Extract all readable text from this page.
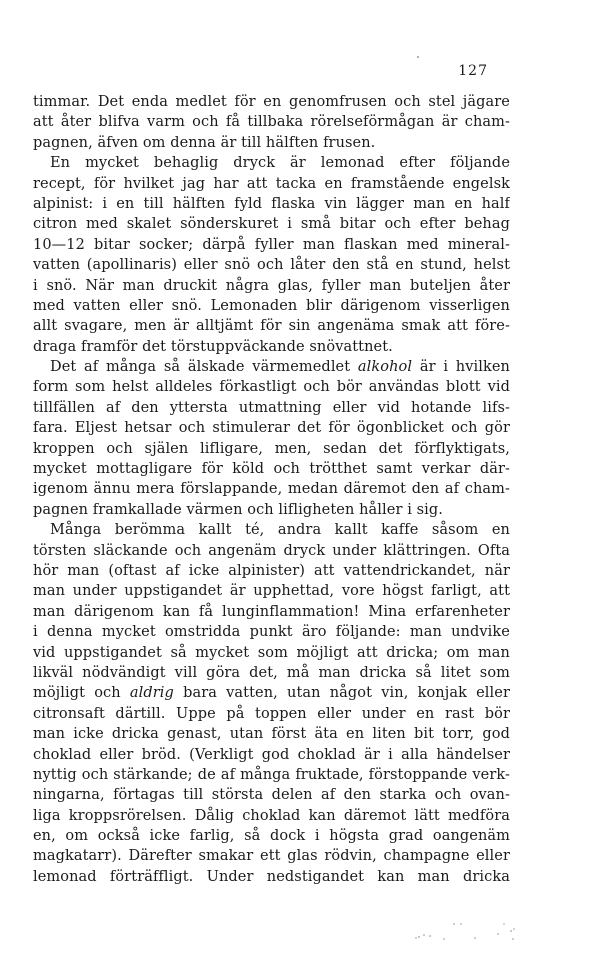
127
timmar. Det enda medlet för en genomfrusen och stel jägare
att åter blifva varm och få tillbaka rörelseförmågan är cham-
pagnen, äfven om denna är till hälften frusen.
En mycket behaglig dryck är lemonad efter följande
recept, för hvilket jag har att tacka en framstående engelsk
alpinist: i en till hälften fyld flaska vin lägger man en half
citron med skalet sönderskuret i små bitar och efter behag
10—12 bitar socker; därpå fyller man flaskan med mineral-
vatten (apollinaris) eller snö och låter den stå en stund, helst
i snö. När man druckit några glas, fyller man buteljen åter
med vatten eller snö. Lemonaden blir därigenom visserligen
allt svagare, men är alltjämt för sin angenäma smak att före-
draga framför det törstuppväckande snövattnet.
Det af många så älskade värmemedlet alkohol är i hvilken
form som helst alldeles förkastligt och bör användas blott vid
tillfällen af den yttersta utmattning eller vid hotande lifs-
fara. Eljest hetsar och stimulerar det för ögonblicket och gör
kroppen och själen lifligare, men, sedan det förflyktigats,
mycket mottagligare för köld och trötthet samt verkar där-
igenom ännu mera förslappande, medan däremot den af cham-
pagnen framkallade värmen och lifligheten håller i sig.
Många berömma kallt té, andra kallt kaffe såsom en
törsten släckande och angenäm dryck under klättringen. Ofta
hör man (oftast af icke alpinister) att vattendrickandet, när
man under uppstigandet är upphettad, vore högst farligt, att
man därigenom kan få lunginflammation! Mina erfarenheter
i denna mycket omstridda punkt äro följande: man undvike
vid uppstigandet så mycket som möjligt att dricka; om man
likväl nödvändigt vill göra det, må man dricka så litet som
möjligt och aldrig bara vatten, utan något vin, konjak eller
citronsaft därtill. Uppe på toppen eller under en rast bör
man icke dricka genast, utan först äta en liten bit torr, god
choklad eller bröd. (Verkligt god choklad är i alla händelser
nyttig och stärkande; de af många fruktade, förstoppande verk-
ningarna, förtagas till största delen af den starka och ovan-
liga kroppsrörelsen. Dålig choklad kan däremot lätt medföra
en, om också icke farlig, så dock i högsta grad oangenäm
magkatarr). Därefter smakar ett glas rödvin, champagne eller
lemonad förträffligt. Under nedstigandet kan man dricka
